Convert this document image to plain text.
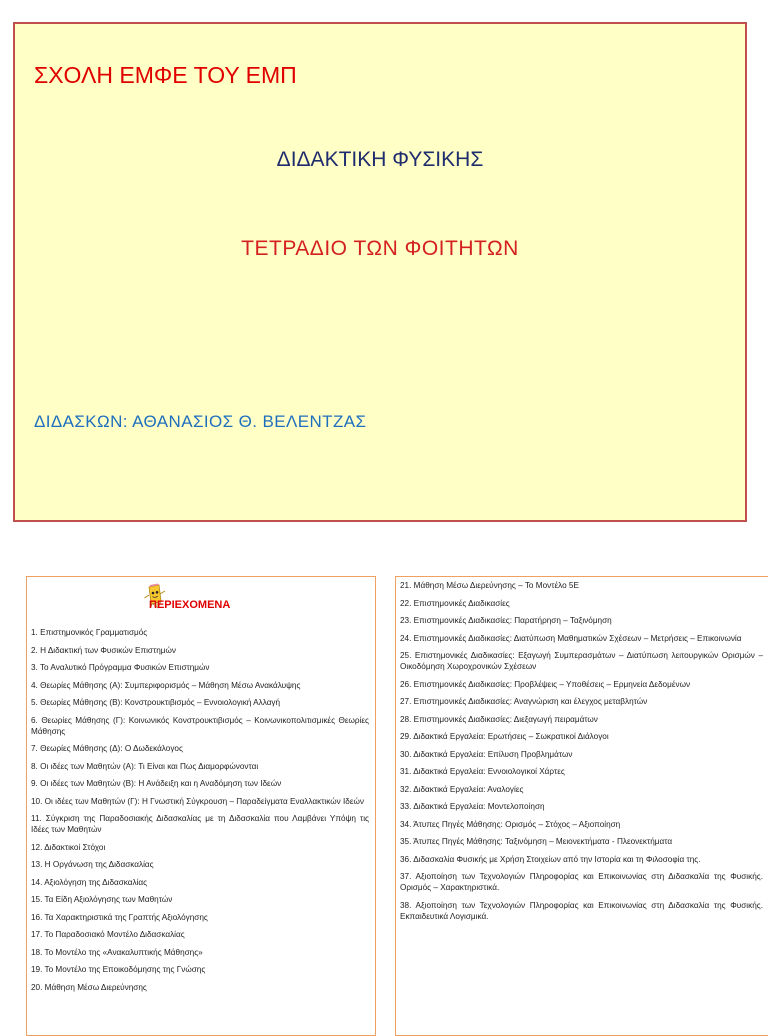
ΣΧΟΛΗ ΕΜΦΕ ΤΟΥ ΕΜΠ
ΔΙΔΑΚΤΙΚΗ ΦΥΣΙΚΗΣ
ΤΕΤΡΑΔΙΟ ΤΩΝ ΦΟΙΤΗΤΩΝ
ΔΙΔΑΣΚΩΝ: ΑΘΑΝΑΣΙΟΣ Θ. ΒΕΛΕΝΤΖΑΣ
ΠΕΡΙΕΧΟΜΕΝΑ
1. Επιστημονικός Γραμματισμός
2. Η Διδακτική των Φυσικών Επιστημών
3. Το Αναλυτικό Πρόγραμμα Φυσικών Επιστημών
4. Θεωρίες Μάθησης (Α): Συμπεριφορισμός – Μάθηση Μέσω Ανακάλυψης
5. Θεωρίες Μάθησης (Β): Κονστρουκτιβισμός – Εννοιολογική Αλλαγή
6. Θεωρίες Μάθησης (Γ): Κοινωνικός Κονστρουκτιβισμός – Κοινωνικοπολιτισμικές Θεωρίες Μάθησης
7. Θεωρίες Μάθησης (Δ): Ο Δωδεκάλογος
8. Οι ιδέες των Μαθητών (Α): Τι Είναι και Πως Διαμορφώνονται
9. Οι ιδέες των Μαθητών (Β): Η Ανάδειξη και η Αναδόμηση των Ιδεών
10. Οι ιδέες των Μαθητών (Γ): Η Γνωστική Σύγκρουση – Παραδείγματα Εναλλακτικών Ιδεών
11. Σύγκριση της Παραδοσιακής Διδασκαλίας με τη Διδασκαλία που Λαμβάνει Υπόψη τις Ιδέες των Μαθητών
12. Διδακτικοί Στόχοι
13. Η Οργάνωση της Διδασκαλίας
14. Αξιολόγηση της Διδασκαλίας
15. Τα Είδη Αξιολόγησης των Μαθητών
16. Τα Χαρακτηριστικά της Γραπτής Αξιολόγησης
17. Το Παραδοσιακό Μοντέλο Διδασκαλίας
18. Το Μοντέλο της «Ανακαλυπτικής Μάθησης»
19. Το Μοντέλο της Εποικοδόμησης της Γνώσης
20. Μάθηση Μέσω Διερεύνησης
21. Μάθηση Μέσω Διερεύνησης – Το Μοντέλο 5Ε
22. Επιστημονικές Διαδικασίες
23. Επιστημονικές Διαδικασίες: Παρατήρηση – Ταξινόμηση
24. Επιστημονικές Διαδικασίες: Διατύπωση Μαθηματικών Σχέσεων – Μετρήσεις – Επικοινωνία
25. Επιστημονικές Διαδικασίες: Εξαγωγή Συμπερασμάτων – Διατύπωση λειτουργικών Ορισμών – Οικοδόμηση Χωροχρονικών Σχέσεων
26. Επιστημονικές Διαδικασίες: Προβλέψεις – Υποθέσεις – Ερμηνεία Δεδομένων
27. Επιστημονικές Διαδικασίες: Αναγνώριση και έλεγχος μεταβλητών
28. Επιστημονικές Διαδικασίες: Διεξαγωγή πειραμάτων
29. Διδακτικά Εργαλεία: Ερωτήσεις – Σωκρατικοί Διάλογοι
30. Διδακτικά Εργαλεία: Επίλυση Προβλημάτων
31. Διδακτικά Εργαλεία: Εννοιολογικοί Χάρτες
32. Διδακτικά Εργαλεία: Αναλογίες
33. Διδακτικά Εργαλεία: Μοντελοποίηση
34. Άτυπες Πηγές Μάθησης: Ορισμός – Στόχος – Αξιοποίηση
35. Άτυπες Πηγές Μάθησης: Ταξινόμηση – Μειονεκτήματα - Πλεονεκτήματα
36. Διδασκαλία Φυσικής με Χρήση Στοιχείων από την Ιστορία και τη Φιλοσοφία της.
37. Αξιοποίηση των Τεχνολογιών Πληροφορίας και Επικοινωνίας στη Διδασκαλία της Φυσικής. Ορισμός – Χαρακτηριστικά.
38. Αξιοποίηση των Τεχνολογιών Πληροφορίας και Επικοινωνίας στη Διδασκαλία της Φυσικής. Εκπαιδευτικά Λογισμικά.
